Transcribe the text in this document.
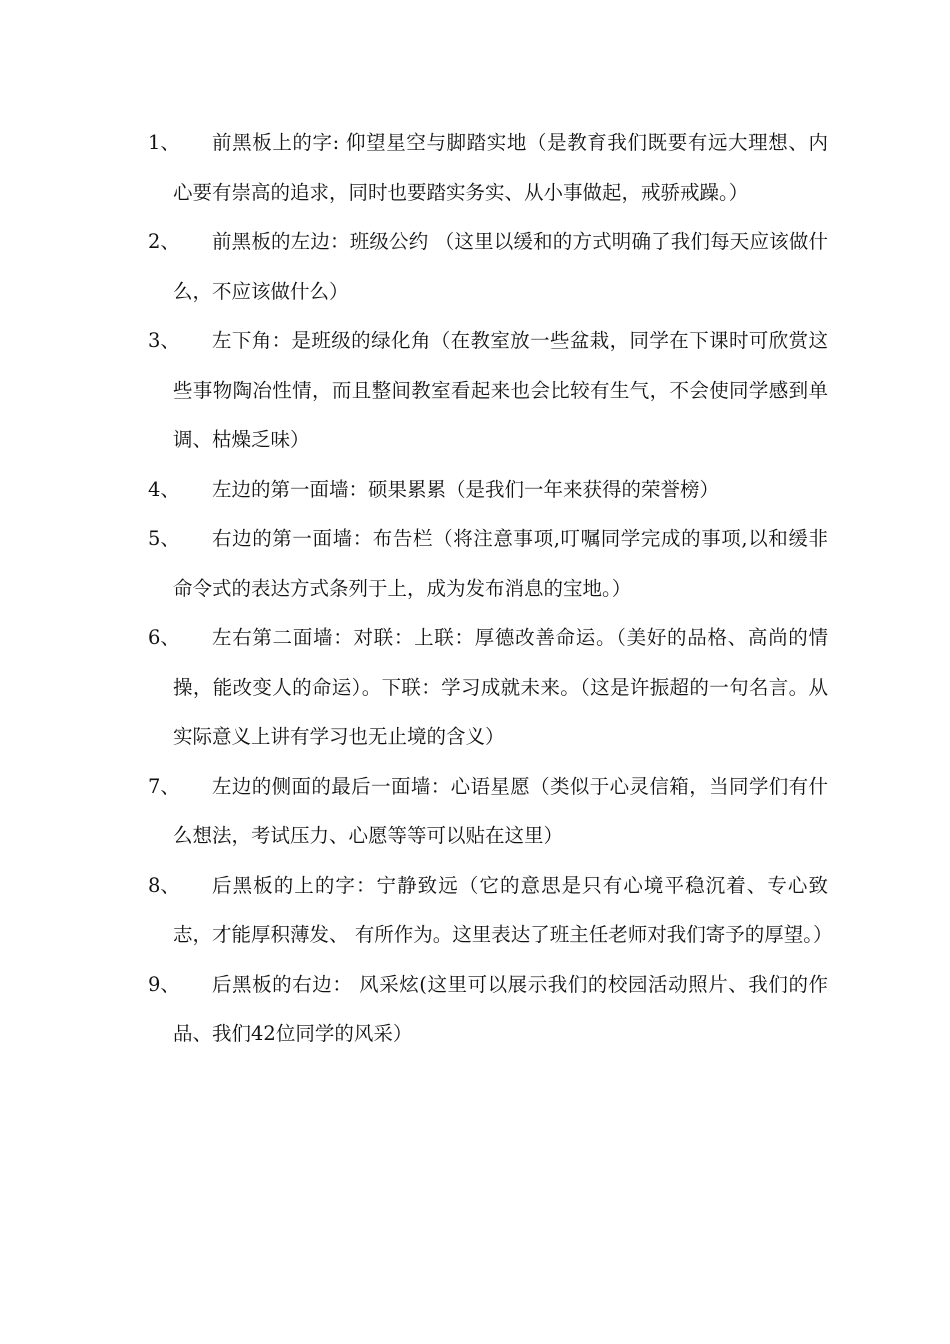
1、	前黑板上的字: 仰望星空与脚踏实地（是教育我们既要有远大理想、内心要有崇高的追求，同时也要踏实务实、从小事做起，戒骄戒躁。）
2、	前黑板的左边：班级公约 （这里以缓和的方式明确了我们每天应该做什么，不应该做什么）
3、	左下角：是班级的绿化角（在教室放一些盆栽，同学在下课时可欣赏这些事物陶冶性情，而且整间教室看起来也会比较有生气，不会使同学感到单调、枯燥乏味）
4、	左边的第一面墙：硕果累累（是我们一年来获得的荣誉榜）
5、	右边的第一面墙：布告栏（将注意事项,叮嘱同学完成的事项,以和缓非命令式的表达方式条列于上，成为发布消息的宝地。）
6、	左右第二面墙：对联：上联：厚德改善命运。（美好的品格、高尚的情操，能改变人的命运）。下联：学习成就未来。（这是许振超的一句名言。从实际意义上讲有学习也无止境的含义）
7、	左边的侧面的最后一面墙：心语星愿（类似于心灵信箱，当同学们有什么想法，考试压力、心愿等等可以贴在这里）
8、	后黑板的上的字：宁静致远（它的意思是只有心境平稳沉着、专心致志，才能厚积薄发、 有所作为。这里表达了班主任老师对我们寄予的厚望。）
9、	后黑板的右边： 风采炫(这里可以展示我们的校园活动照片、我们的作品、我们42位同学的风采）
